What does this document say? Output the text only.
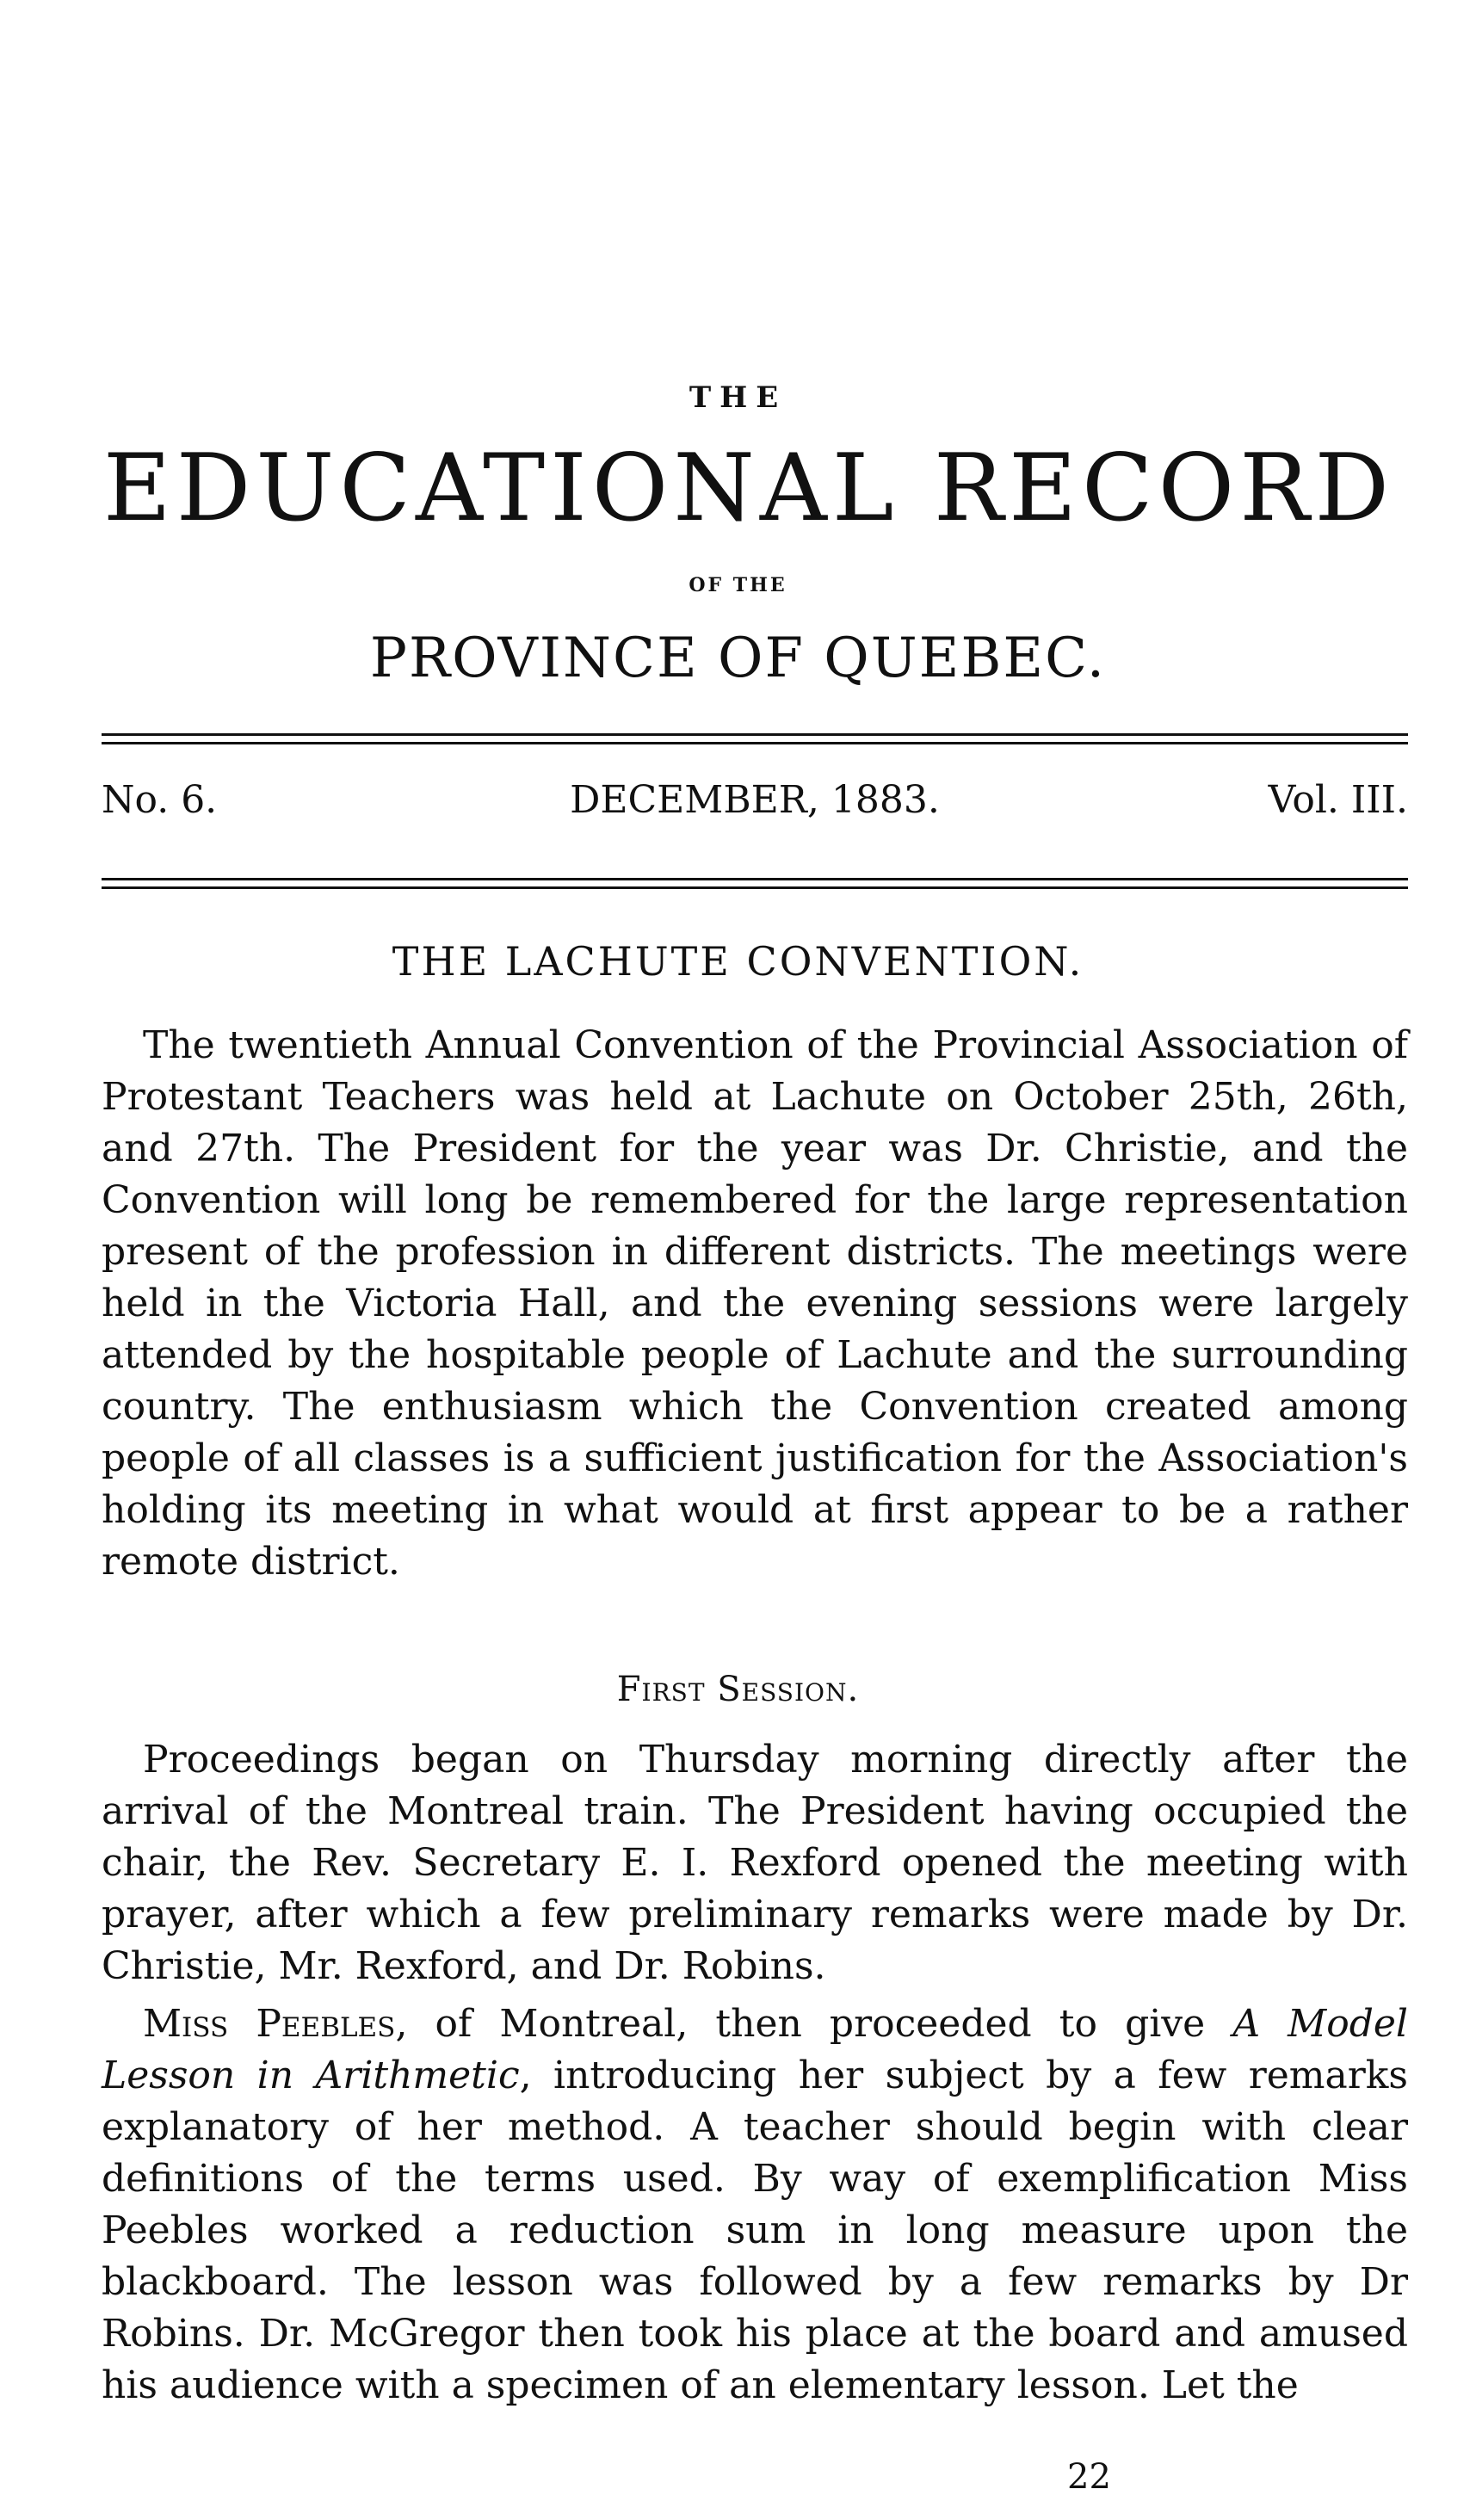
THE
EDUCATIONAL RECORD
OF THE
PROVINCE OF QUEBEC.
No. 6.	DECEMBER, 1883.	Vol. III.
THE LACHUTE CONVENTION.

The twentieth Annual Convention of the Provincial Association of Protestant Teachers was held at Lachute on October 25th, 26th, and 27th. The President for the year was Dr. Christie, and the Convention will long be remembered for the large representation present of the profession in different districts. The meetings were held in the Victoria Hall, and the evening sessions were largely attended by the hospitable people of Lachute and the surrounding country. The enthusiasm which the Convention created among people of all classes is a sufficient justification for the Association's holding its meeting in what would at first appear to be a rather remote district.

First Session.

Proceedings began on Thursday morning directly after the arrival of the Montreal train. The President having occupied the chair, the Rev. Secretary E. I. Rexford opened the meeting with prayer, after which a few preliminary remarks were made by Dr. Christie, Mr. Rexford, and Dr. Robins.

Miss Peebles, of Montreal, then proceeded to give A Model Lesson in Arithmetic, introducing her subject by a few remarks explanatory of her method. A teacher should begin with clear definitions of the terms used. By way of exemplification Miss Peebles worked a reduction sum in long measure upon the blackboard. The lesson was followed by a few remarks by Dr Robins. Dr. McGregor then took his place at the board and amused his audience with a specimen of an elementary lesson. Let the

22
